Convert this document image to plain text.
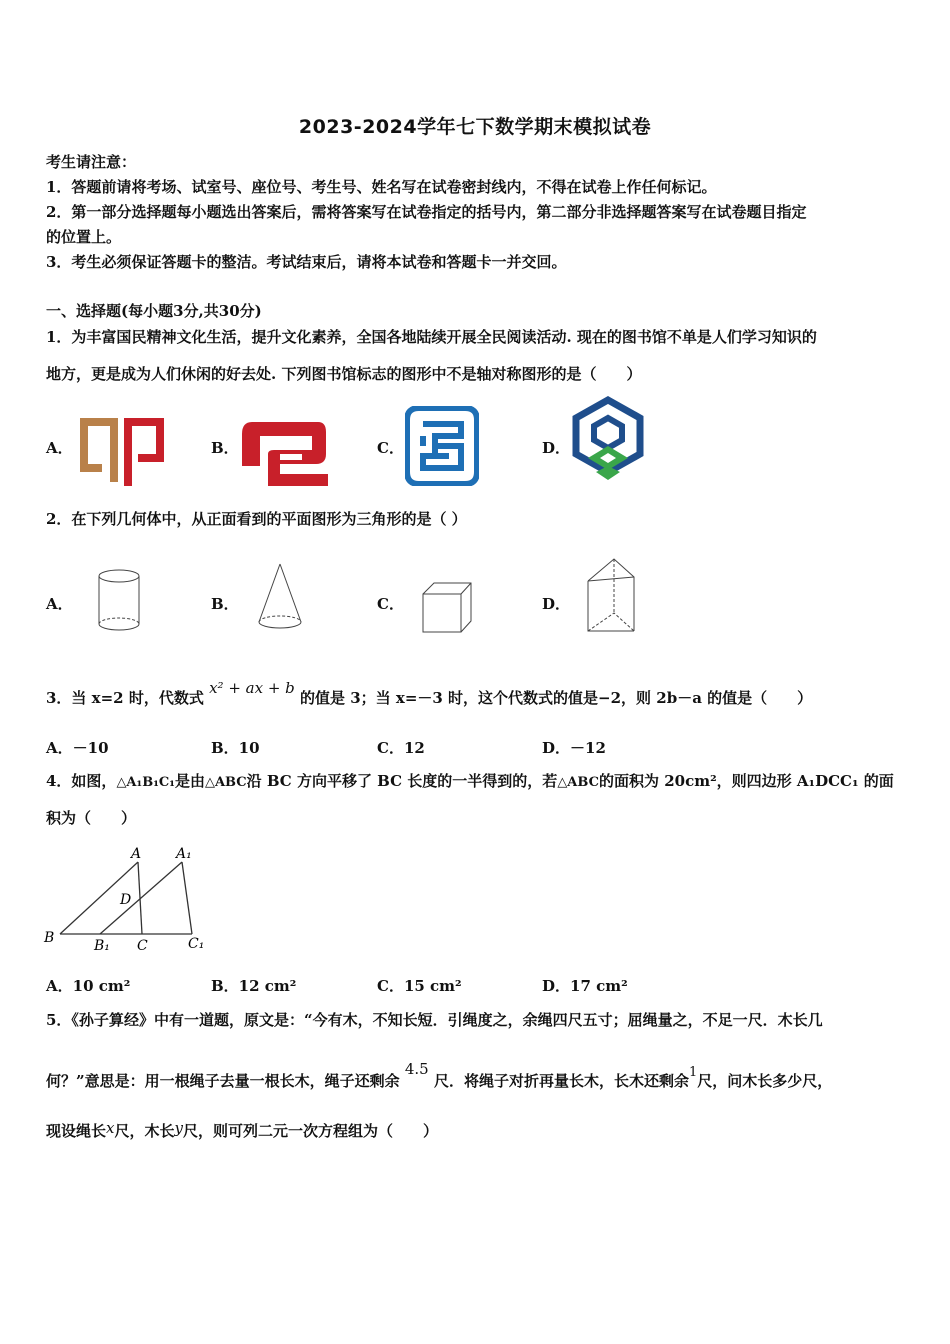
2023-2024学年七下数学期末模拟试卷
考生请注意：
1．答题前请将考场、试室号、座位号、考生号、姓名写在试卷密封线内，不得在试卷上作任何标记。
2．第一部分选择题每小题选出答案后，需将答案写在试卷指定的括号内，第二部分非选择题答案写在试卷题目指定
的位置上。
3．考生必须保证答题卡的整洁。考试结束后，请将本试卷和答题卡一并交回。
一、选择题(每小题3分,共30分)
1．为丰富国民精神文化生活，提升文化素养，全国各地陆续开展全民阅读活动. 现在的图书馆不单是人们学习知识的
地方，更是成为人们休闲的好去处. 下列图书馆标志的图形中不是轴对称图形的是（　　）
A．	B．	C．	D．
2．在下列几何体中，从正面看到的平面图形为三角形的是（ ）
A．	B．	C．	D．
3．当 x=2 时，代数式 x² + ax + b 的值是 3；当 x=－3 时，这个代数式的值是−2，则 2b－a 的值是（　　）
A．－10	B．10	C．12	D．－12
4．如图，△A₁B₁C₁是由△ABC沿 BC 方向平移了 BC 长度的一半得到的，若△ABC的面积为 20cm²，则四边形 A₁DCC₁ 的面
积为（　　）
A A₁
D
B	B₁ C	C₁
A．10 cm²	B．12 cm²	C．15 cm²	D．17 cm²
5．《孙子算经》中有一道题，原文是：“今有木，不知长短．引绳度之，余绳四尺五寸；屈绳量之，不足一尺．木长几
何？”意思是：用一根绳子去量一根长木，绳子还剩余 4.5 尺．将绳子对折再量长木，长木还剩余1尺，问木长多少尺，
现设绳长x尺，木长y尺，则可列二元一次方程组为（　　）
